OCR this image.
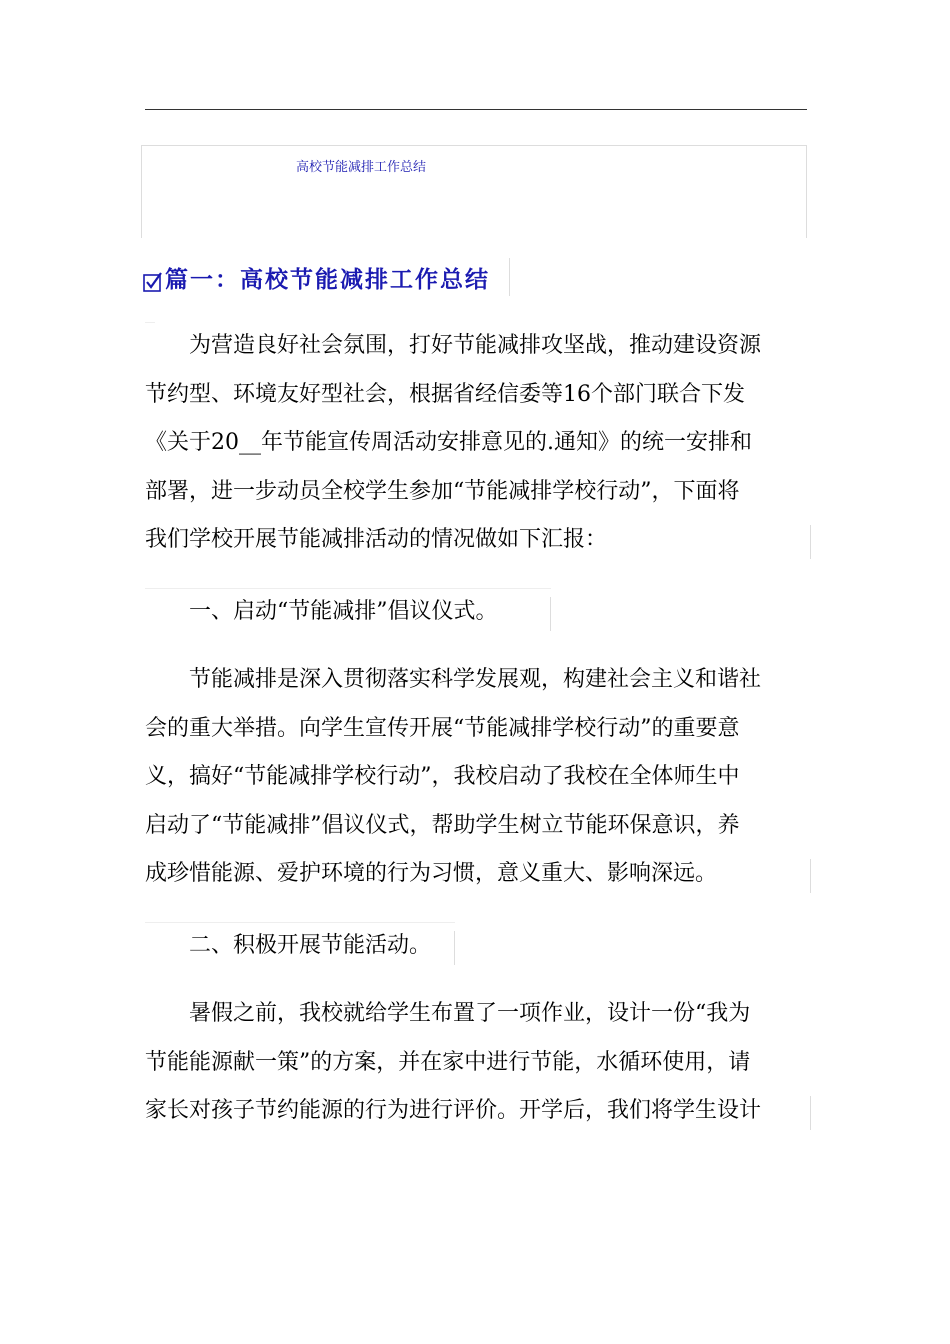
高校节能减排工作总结
篇一：高校节能减排工作总结

　　为营造良好社会氛围，打好节能减排攻坚战，推动建设资源

节约型、环境友好型社会，根据省经信委等16个部门联合下发

《关于20__年节能宣传周活动安排意见的.通知》的统一安排和

部署，进一步动员全校学生参加“节能减排学校行动”，下面将

我们学校开展节能减排活动的情况做如下汇报：

　　一、启动“节能减排”倡议仪式。

　　节能减排是深入贯彻落实科学发展观，构建社会主义和谐社

会的重大举措。向学生宣传开展“节能减排学校行动”的重要意

义，搞好“节能减排学校行动”，我校启动了我校在全体师生中

启动了“节能减排”倡议仪式，帮助学生树立节能环保意识，养

成珍惜能源、爱护环境的行为习惯，意义重大、影响深远。

　　二、积极开展节能活动。

　　暑假之前，我校就给学生布置了一项作业，设计一份“我为

节能能源献一策”的方案，并在家中进行节能，水循环使用，请

家长对孩子节约能源的行为进行评价。开学后，我们将学生设计
